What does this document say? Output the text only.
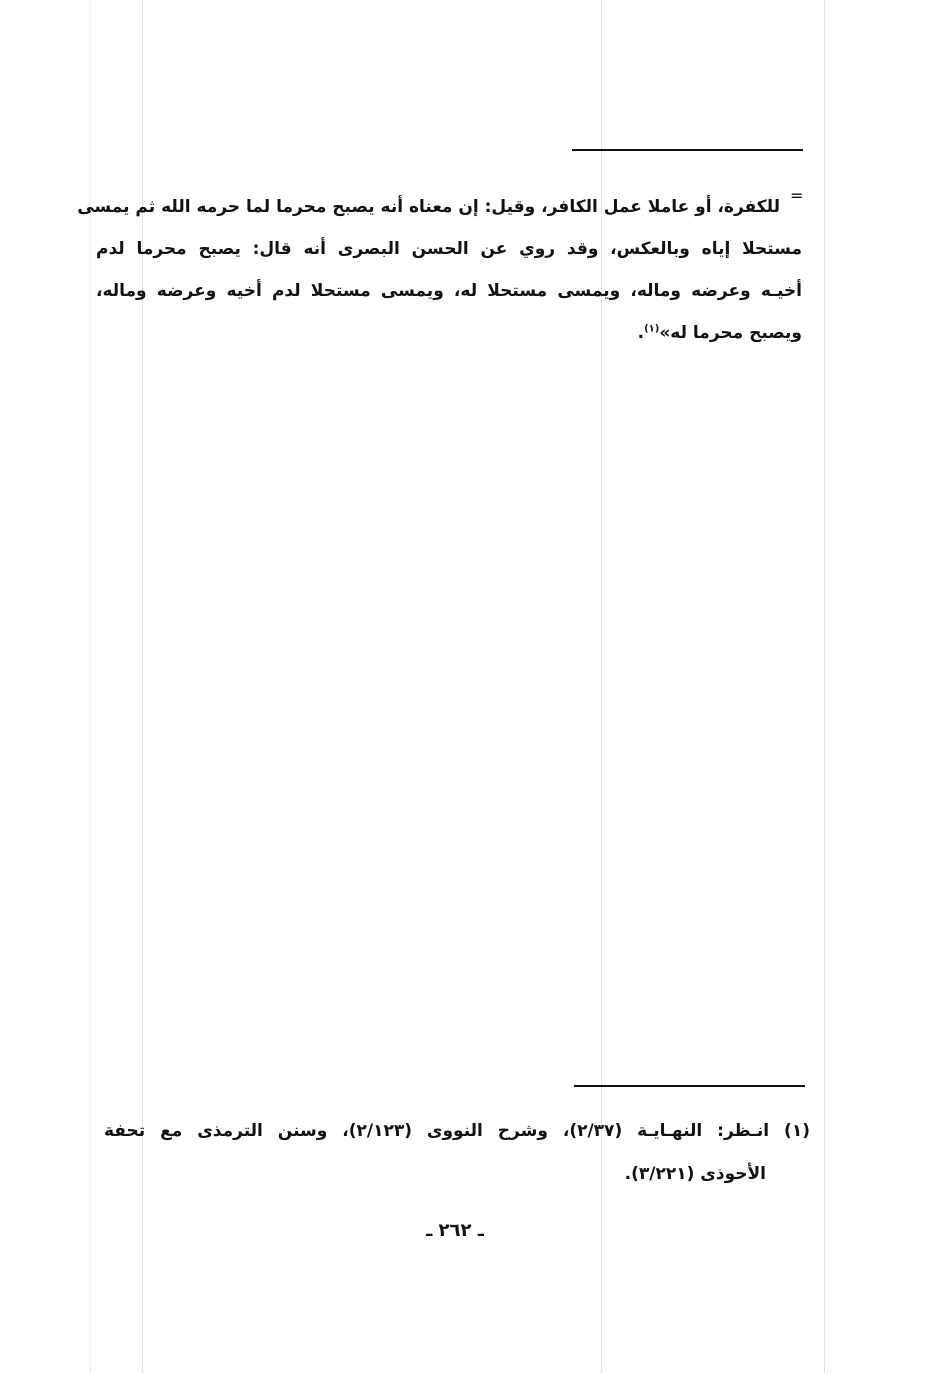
=
للكفرة، أو عاملا عمل الكافر، وقيل: إن معناه أنه يصبح محرما لما حرمه الله ثم يمسى
مستحلا إياه وبالعكس، وقد روي عن الحسن البصرى أنه قال: يصبح محرما لدم
أخيـه وعرضه وماله، ويمسى مستحلا له، ويمسى مستحلا لدم أخيه وعرضه وماله،
ويصبح محرما له»$^{(١)}$.
(١) انـظر: النهـايـة (٢/٣٧)، وشرح النووى (٢/١٢٣)، وسنن الترمذى مع تحفة
الأحوذى (٣/٢٢١).
ـ ٢٦٢ ـ
